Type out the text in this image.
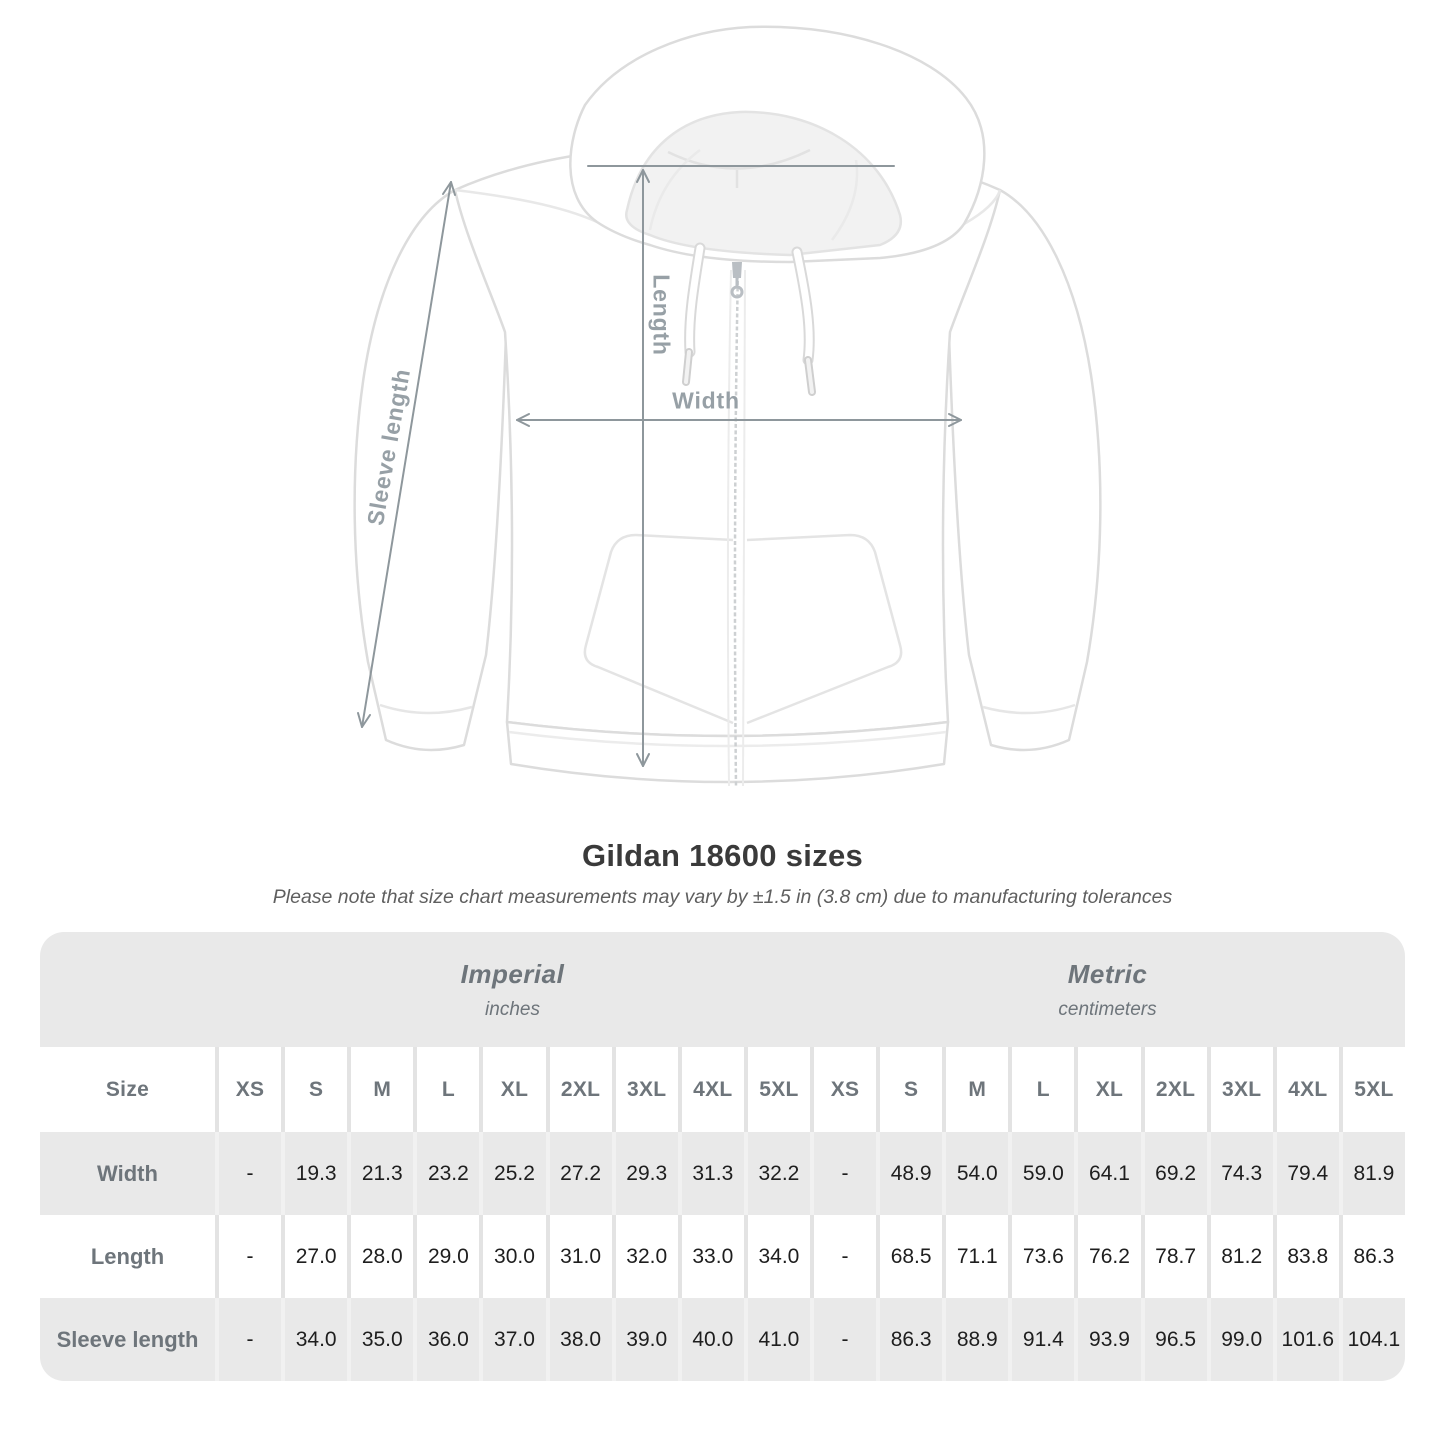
Length
Width
Sleeve length
Gildan 18600 sizes

Please note that size chart measurements may vary by ±1.5 in (3.8 cm) due to manufacturing tolerances

Imperial
inches

Metric
centimeters

Size	XS	S	M	L	XL	2XL	3XL	4XL	5XL	XS	S	M	L	XL	2XL	3XL	4XL	5XL
Width	-	19.3	21.3	23.2	25.2	27.2	29.3	31.3	32.2	-	48.9	54.0	59.0	64.1	69.2	74.3	79.4	81.9
Length	-	27.0	28.0	29.0	30.0	31.0	32.0	33.0	34.0	-	68.5	71.1	73.6	76.2	78.7	81.2	83.8	86.3
Sleeve length	-	34.0	35.0	36.0	37.0	38.0	39.0	40.0	41.0	-	86.3	88.9	91.4	93.9	96.5	99.0	101.6	104.1
